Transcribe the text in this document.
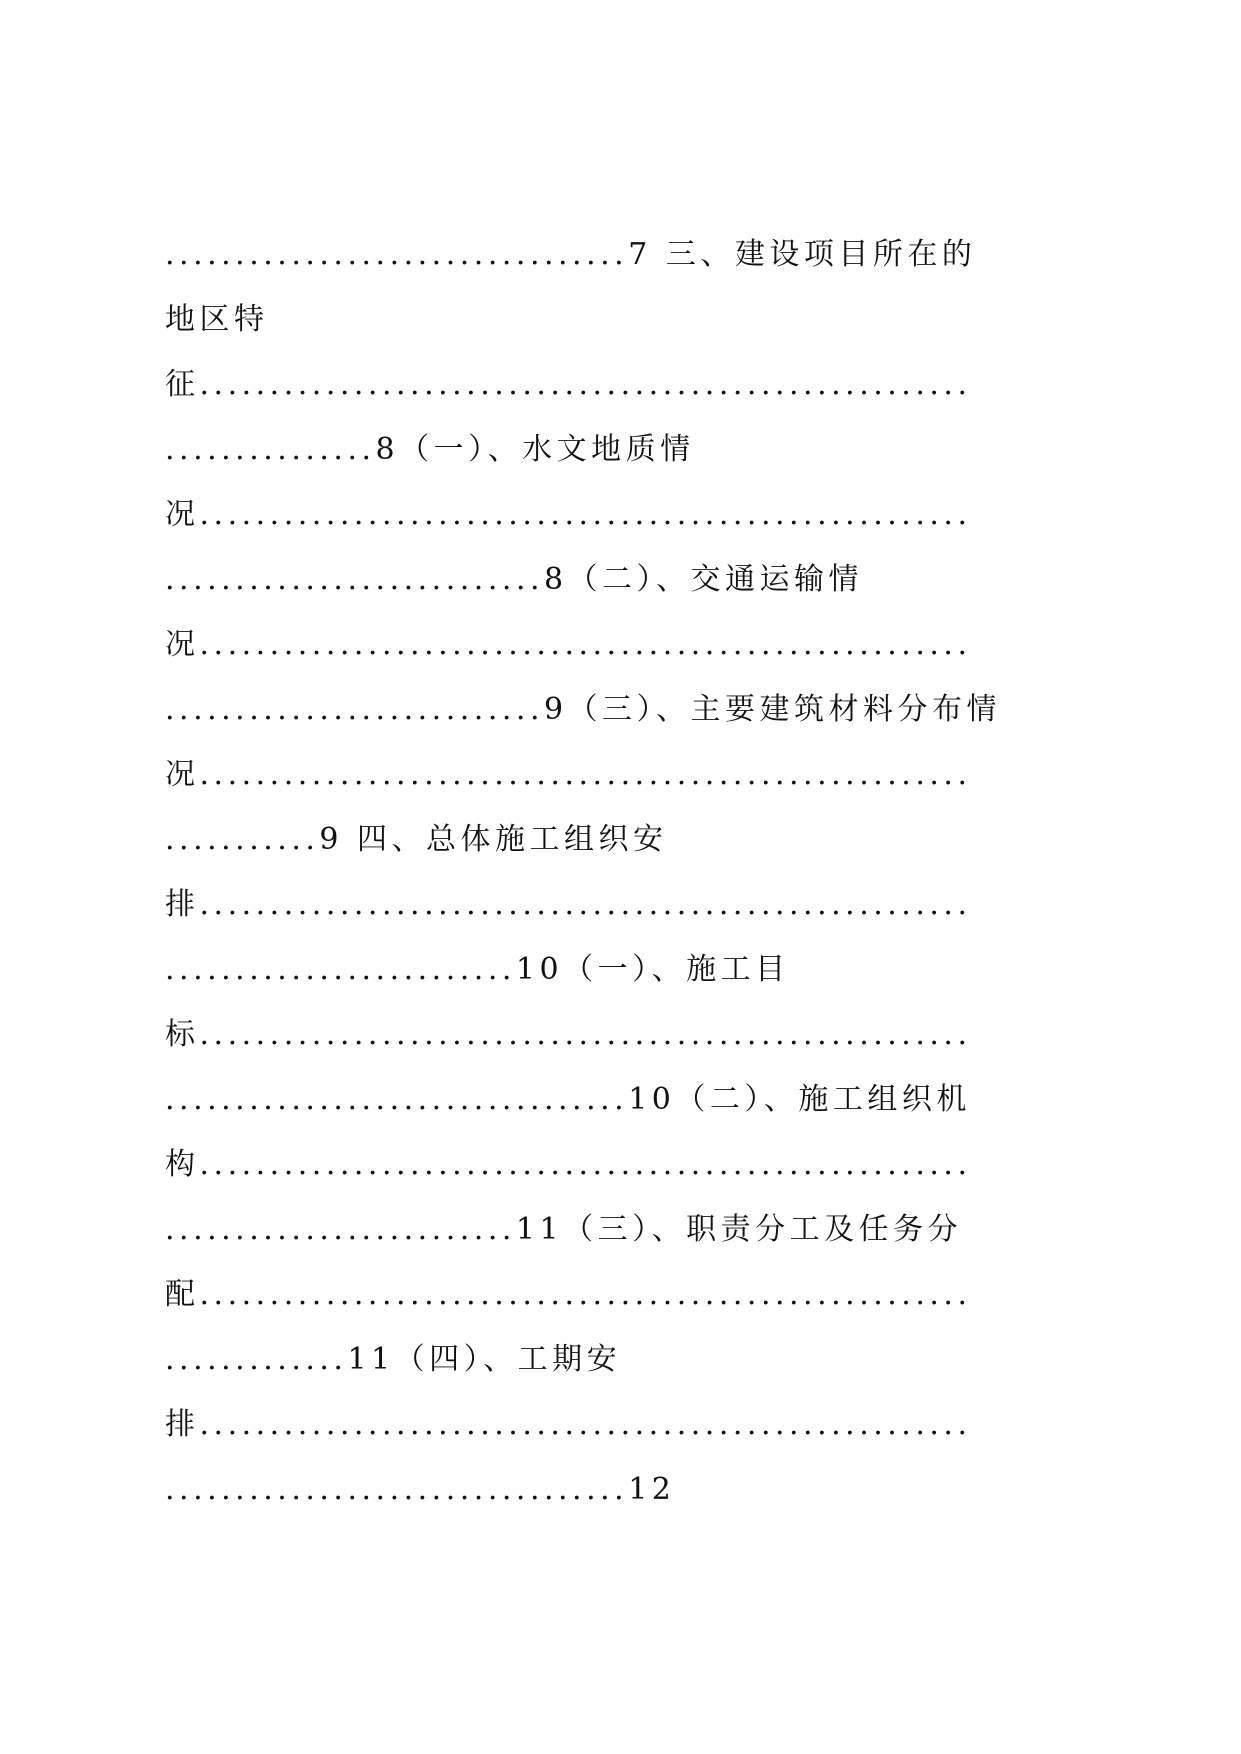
.................................7 三、建设项目所在的
地区特
征.......................................................
...............8（一）、水文地质情
况.......................................................
...........................8（二）、交通运输情
况.......................................................
...........................9（三）、主要建筑材料分布情
况.......................................................
...........9 四、总体施工组织安
排.......................................................
.........................10（一）、施工目
标.......................................................
.................................10（二）、施工组织机
构.......................................................
.........................11（三）、职责分工及任务分
配.......................................................
.............11（四）、工期安
排.......................................................
.................................12
